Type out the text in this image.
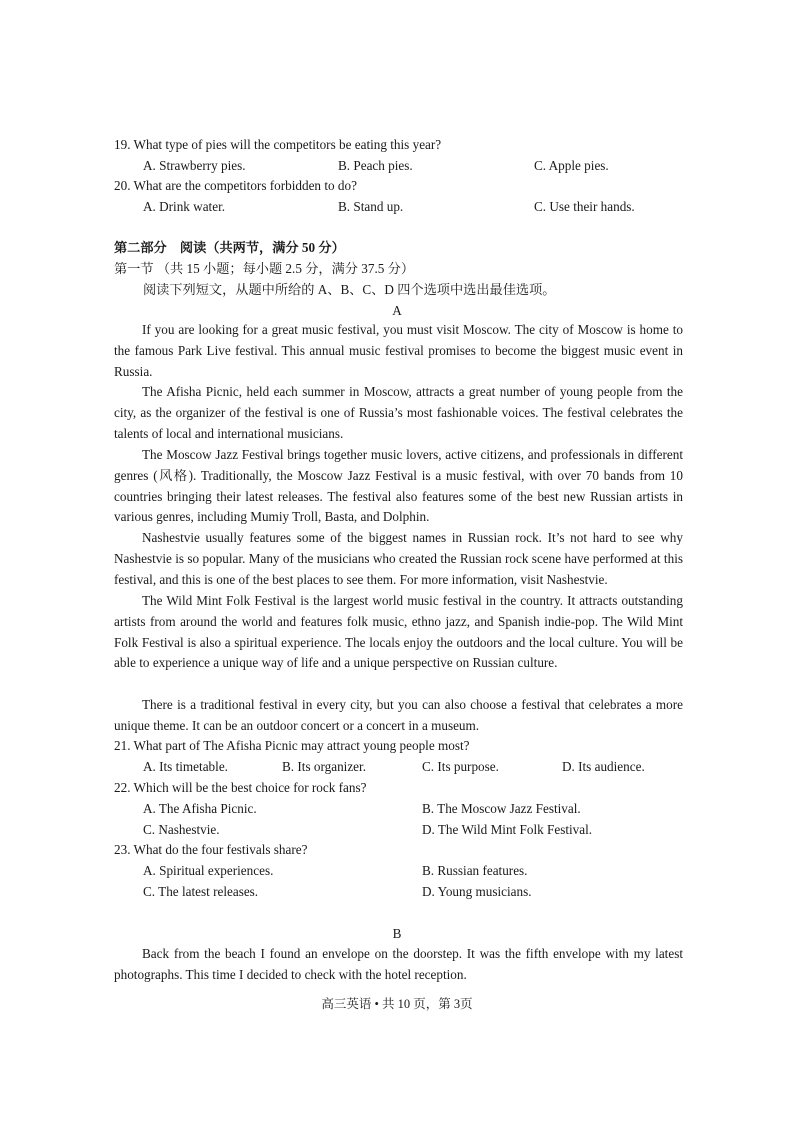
19. What type of pies will the competitors be eating this year?
A. Strawberry pies.	B. Peach pies.	C. Apple pies.
20. What are the competitors forbidden to do?
A. Drink water.	B. Stand up.	C. Use their hands.
第二部分　阅读（共两节，满分 50 分）
第一节 （共 15 小题；每小题 2.5 分，满分 37.5 分）
阅读下列短文，从题中所给的 A、B、C、D 四个选项中选出最佳选项。
A

If you are looking for a great music festival, you must visit Moscow. The city of Moscow is home to the famous Park Live festival. This annual music festival promises to become the biggest music event in Russia.

The Afisha Picnic, held each summer in Moscow, attracts a great number of young people from the city, as the organizer of the festival is one of Russia’s most fashionable voices. The festival celebrates the talents of local and international musicians.

The Moscow Jazz Festival brings together music lovers, active citizens, and professionals in different genres (风格). Traditionally, the Moscow Jazz Festival is a music festival, with over 70 bands from 10 countries bringing their latest releases. The festival also features some of the best new Russian artists in various genres, including Mumiy Troll, Basta, and Dolphin.

Nashestvie usually features some of the biggest names in Russian rock. It’s not hard to see why Nashestvie is so popular. Many of the musicians who created the Russian rock scene have performed at this festival, and this is one of the best places to see them. For more information, visit Nashestvie.

The Wild Mint Folk Festival is the largest world music festival in the country. It attracts outstanding artists from around the world and features folk music, ethno jazz, and Spanish indie-pop. The Wild Mint Folk Festival is also a spiritual experience. The locals enjoy the outdoors and the local culture. You will be able to experience a unique way of life and a unique perspective on Russian culture.

There is a traditional festival in every city, but you can also choose a festival that celebrates a more unique theme. It can be an outdoor concert or a concert in a museum.

21. What part of The Afisha Picnic may attract young people most?
A. Its timetable.	B. Its organizer.	C. Its purpose.	D. Its audience.
22. Which will be the best choice for rock fans?
A. The Afisha Picnic.	B. The Moscow Jazz Festival.
C. Nashestvie.	D. The Wild Mint Folk Festival.
23. What do the four festivals share?
A. Spiritual experiences.	B. Russian features.
C. The latest releases.	D. Young musicians.
B

Back from the beach I found an envelope on the doorstep. It was the fifth envelope with my latest photographs. This time I decided to check with the hotel reception.

高三英语 • 共 10 页，第 3页
